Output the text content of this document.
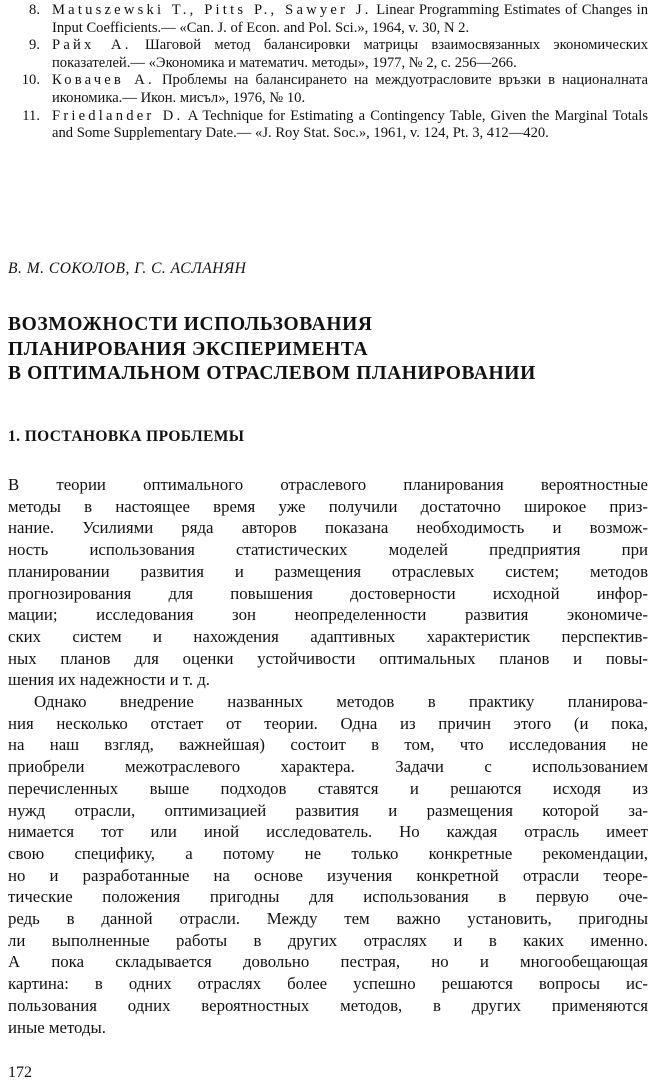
8. Matuszewski T., Pitts P., Sawyer J. Linear Programming Estimates of Changes in Input Coefficients.— «Can. J. of Econ. and Pol. Sci.», 1964, v. 30, N 2.
9. Райх А. Шаговой метод балансировки матрицы взаимосвязанных экономических показателей.— «Экономика и математич. методы», 1977, № 2, с. 256—266.
10. Ковачев А. Проблемы на балансирането на междуотрасловите връзки в националната икономика.— Икон. мисъл», 1976, № 10.
11. Friedlander D. A Technique for Estimating a Contingency Table, Given the Marginal Totals and Some Supplementary Date.— «J. Roy Stat. Soc.», 1961, v. 124, Pt. 3, 412—420.
В. М. СОКОЛОВ, Г. С. АСЛАНЯН
ВОЗМОЖНОСТИ ИСПОЛЬЗОВАНИЯ
ПЛАНИРОВАНИЯ ЭКСПЕРИМЕНТА
В ОПТИМАЛЬНОМ ОТРАСЛЕВОМ ПЛАНИРОВАНИИ
1. ПОСТАНОВКА ПРОБЛЕМЫ
В теории оптимального отраслевого планирования вероятностные
методы в настоящее время уже получили достаточно широкое приз-
нание. Усилиями ряда авторов показана необходимость и возмож-
ность использования статистических моделей предприятия при
планировании развития и размещения отраслевых систем; методов
прогнозирования для повышения достоверности исходной инфор-
мации; исследования зон неопределенности развития экономиче-
ских систем и нахождения адаптивных характеристик перспектив-
ных планов для оценки устойчивости оптимальных планов и повы-
шения их надежности и т. д.
Однако внедрение названных методов в практику планирова-
ния несколько отстает от теории. Одна из причин этого (и пока,
на наш взгляд, важнейшая) состоит в том, что исследования не
приобрели межотраслевого характера. Задачи с использованием
перечисленных выше подходов ставятся и решаются исходя из
нужд отрасли, оптимизацией развития и размещения которой за-
нимается тот или иной исследователь. Но каждая отрасль имеет
свою специфику, а потому не только конкретные рекомендации,
но и разработанные на основе изучения конкретной отрасли теоре-
тические положения пригодны для использования в первую оче-
редь в данной отрасли. Между тем важно установить, пригодны
ли выполненные работы в других отраслях и в каких именно.
А пока складывается довольно пестрая, но и многообещающая
картина: в одних отраслях более успешно решаются вопросы ис-
пользования одних вероятностных методов, в других применяются
иные методы.
172
